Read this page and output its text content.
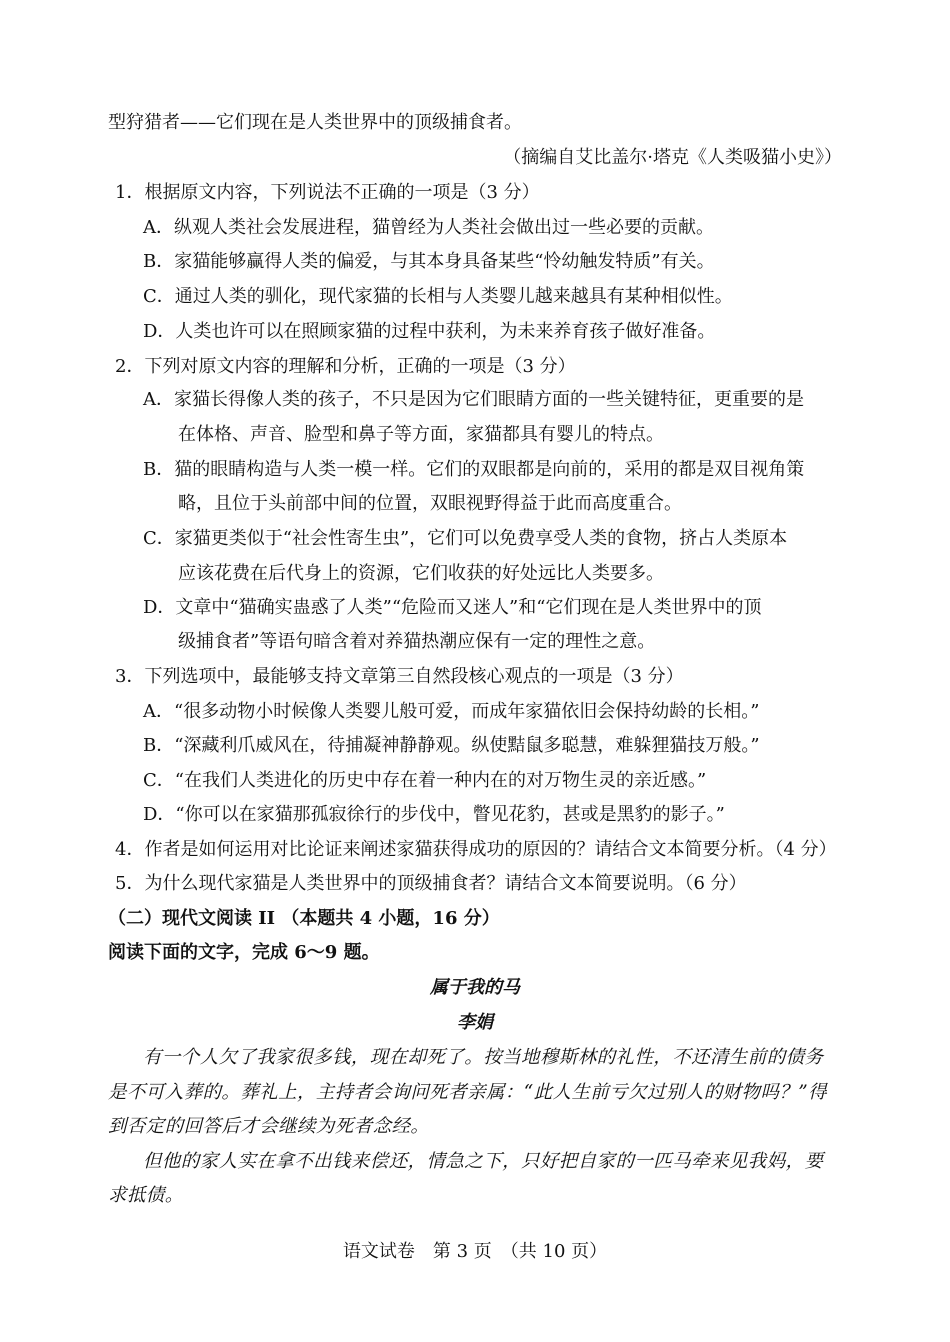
型狩猎者——它们现在是人类世界中的顶级捕食者。
（摘编自艾比盖尔·塔克《人类吸猫小史》）
1．根据原文内容，下列说法不正确的一项是（3 分）
A．纵观人类社会发展进程，猫曾经为人类社会做出过一些必要的贡献。
B．家猫能够赢得人类的偏爱，与其本身具备某些“怜幼触发特质”有关。
C．通过人类的驯化，现代家猫的长相与人类婴儿越来越具有某种相似性。
D．人类也许可以在照顾家猫的过程中获利，为未来养育孩子做好准备。
2．下列对原文内容的理解和分析，正确的一项是（3 分）
A．家猫长得像人类的孩子，不只是因为它们眼睛方面的一些关键特征，更重要的是
在体格、声音、脸型和鼻子等方面，家猫都具有婴儿的特点。
B．猫的眼睛构造与人类一模一样。它们的双眼都是向前的，采用的都是双目视角策
略，且位于头前部中间的位置，双眼视野得益于此而高度重合。
C．家猫更类似于“社会性寄生虫”，它们可以免费享受人类的食物，挤占人类原本
应该花费在后代身上的资源，它们收获的好处远比人类要多。
D．文章中“猫确实蛊惑了人类”“危险而又迷人”和“它们现在是人类世界中的顶
级捕食者”等语句暗含着对养猫热潮应保有一定的理性之意。
3．下列选项中，最能够支持文章第三自然段核心观点的一项是（3 分）
A．“很多动物小时候像人类婴儿般可爱，而成年家猫依旧会保持幼龄的长相。”
B．“深藏利爪威风在，待捕凝神静静观。纵使黠鼠多聪慧，难躲狸猫技万般。”
C．“在我们人类进化的历史中存在着一种内在的对万物生灵的亲近感。”
D．“你可以在家猫那孤寂徐行的步伐中，瞥见花豹，甚或是黑豹的影子。”
4．作者是如何运用对比论证来阐述家猫获得成功的原因的？请结合文本简要分析。（4 分）
5．为什么现代家猫是人类世界中的顶级捕食者？请结合文本简要说明。（6 分）
（二）现代文阅读 II （本题共 4 小题，16 分）
阅读下面的文字，完成 6～9 题。
属于我的马
李娟
有一个人欠了我家很多钱，现在却死了。按当地穆斯林的礼性，不还清生前的债务
是不可入葬的。葬礼上，主持者会询问死者亲属：“此人生前亏欠过别人的财物吗？”得
到否定的回答后才会继续为死者念经。
但他的家人实在拿不出钱来偿还，情急之下，只好把自家的一匹马牵来见我妈，要
求抵债。
语文试卷　第 3 页　（共 10 页）
